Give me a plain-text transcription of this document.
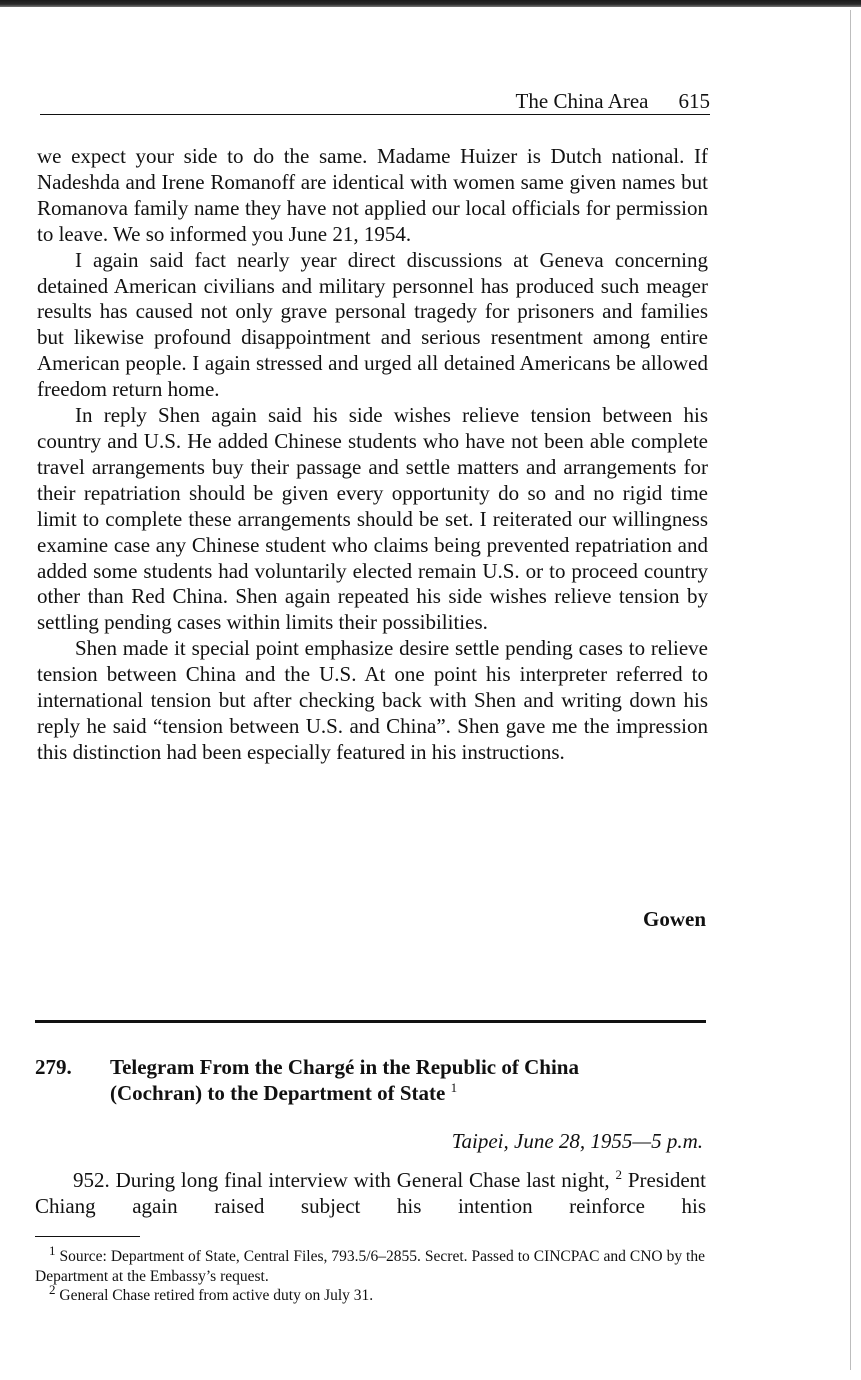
The China Area 615

we expect your side to do the same. Madame Huizer is Dutch national. If Nadeshda and Irene Romanoff are identical with women same given names but Romanova family name they have not applied our local officials for permission to leave. We so informed you June 21, 1954.

I again said fact nearly year direct discussions at Geneva concerning detained American civilians and military personnel has produced such meager results has caused not only grave personal tragedy for prisoners and families but likewise profound disappointment and serious resentment among entire American people. I again stressed and urged all detained Americans be allowed freedom return home.

In reply Shen again said his side wishes relieve tension between his country and U.S. He added Chinese students who have not been able complete travel arrangements buy their passage and settle matters and arrangements for their repatriation should be given every opportunity do so and no rigid time limit to complete these arrangements should be set. I reiterated our willingness examine case any Chinese student who claims being prevented repatriation and added some students had voluntarily elected remain U.S. or to proceed country other than Red China. Shen again repeated his side wishes relieve tension by settling pending cases within limits their possibilities.

Shen made it special point emphasize desire settle pending cases to relieve tension between China and the U.S. At one point his interpreter referred to international tension but after checking back with Shen and writing down his reply he said “tension between U.S. and China”. Shen gave me the impression this distinction had been especially featured in his instructions.

Gowen
279. Telegram From the Chargé in the Republic of China (Cochran) to the Department of State $^1$
Taipei, June 28, 1955—5 p.m.

952. During long final interview with General Chase last night, $^2$ President Chiang again raised subject his intention reinforce his

$^1$ Source: Department of State, Central Files, 793.5/6–2855. Secret. Passed to CINCPAC and CNO by the Department at the Embassy’s request.

$^2$ General Chase retired from active duty on July 31.
